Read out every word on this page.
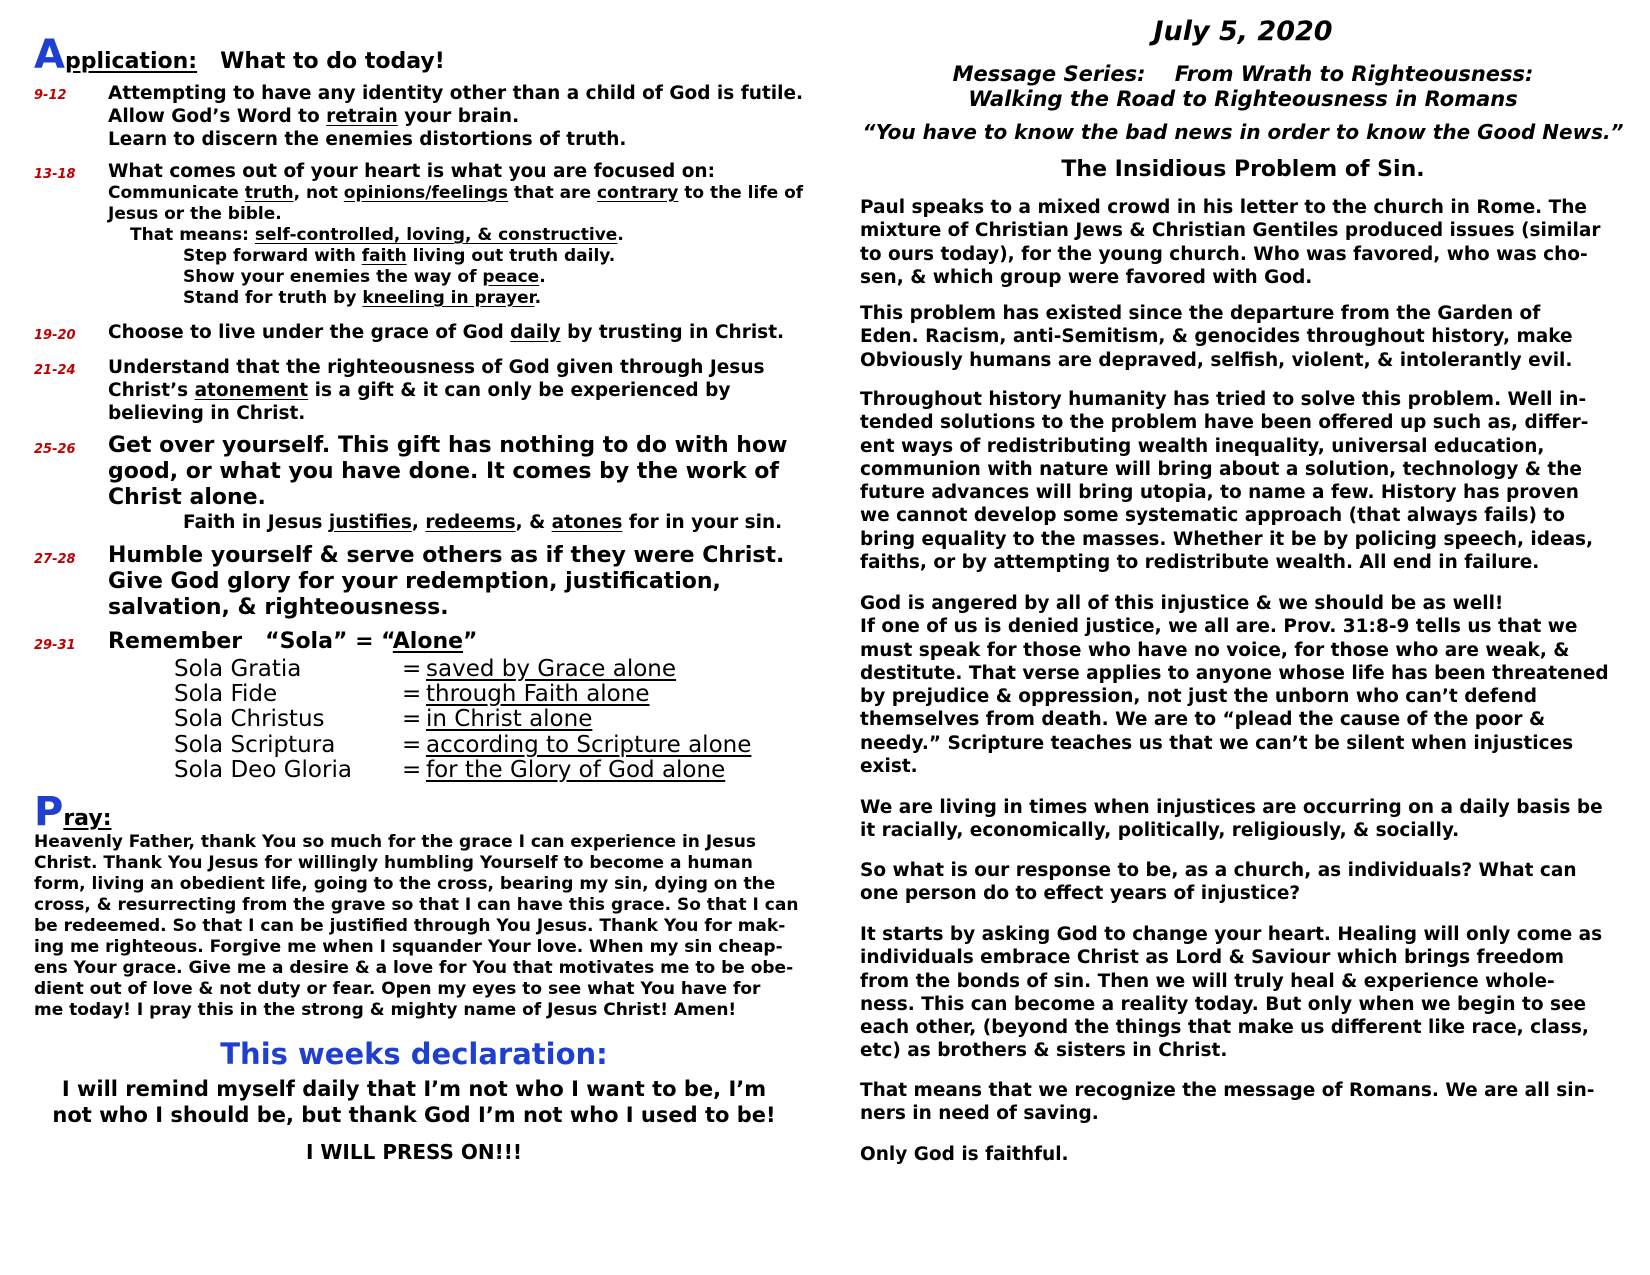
Application: What to do today!
9-12	Attempting to have any identity other than a child of God is futile.
Allow God’s Word to retrain your brain.
Learn to discern the enemies distortions of truth.
13-18	What comes out of your heart is what you are focused on:
Communicate truth, not opinions/feelings that are contrary to the life of
Jesus or the bible.
That means: self-controlled, loving, & constructive.
Step forward with faith living out truth daily.
Show your enemies the way of peace.
Stand for truth by kneeling in prayer.
19-20	Choose to live under the grace of God daily by trusting in Christ.
21-24	Understand that the righteousness of God given through Jesus
Christ’s atonement is a gift & it can only be experienced by
believing in Christ.
25-26	Get over yourself. This gift has nothing to do with how
good, or what you have done. It comes by the work of
Christ alone.
Faith in Jesus justifies, redeems, & atones for in your sin.
27-28	Humble yourself & serve others as if they were Christ.
Give God glory for your redemption, justification,
salvation, & righteousness.
29-31	Remember “Sola” = “Alone”
Sola Gratia	= saved by Grace alone
Sola Fide	= through Faith alone
Sola Christus	= in Christ alone
Sola Scriptura	= according to Scripture alone
Sola Deo Gloria = for the Glory of God alone
Pray:
Heavenly Father, thank You so much for the grace I can experience in Jesus
Christ. Thank You Jesus for willingly humbling Yourself to become a human
form, living an obedient life, going to the cross, bearing my sin, dying on the
cross, & resurrecting from the grave so that I can have this grace. So that I can
be redeemed. So that I can be justified through You Jesus. Thank You for mak-
ing me righteous. Forgive me when I squander Your love. When my sin cheap-
ens Your grace. Give me a desire & a love for You that motivates me to be obe-
dient out of love & not duty or fear. Open my eyes to see what You have for
me today! I pray this in the strong & mighty name of Jesus Christ! Amen!
This weeks declaration:
I will remind myself daily that I’m not who I want to be, I’m
not who I should be, but thank God I’m not who I used to be!
I WILL PRESS ON!!!
July 5, 2020
Message Series:    From Wrath to Righteousness:
Walking the Road to Righteousness in Romans
“You have to know the bad news in order to know the Good News.”
The Insidious Problem of Sin.
Paul speaks to a mixed crowd in his letter to the church in Rome. The
mixture of Christian Jews & Christian Gentiles produced issues (similar
to ours today), for the young church. Who was favored, who was cho-
sen, & which group were favored with God.
This problem has existed since the departure from the Garden of
Eden. Racism, anti-Semitism, & genocides throughout history, make
Obviously humans are depraved, selfish, violent, & intolerantly evil.
Throughout history humanity has tried to solve this problem. Well in-
tended solutions to the problem have been offered up such as, differ-
ent ways of redistributing wealth inequality, universal education,
communion with nature will bring about a solution, technology & the
future advances will bring utopia, to name a few. History has proven
we cannot develop some systematic approach (that always fails) to
bring equality to the masses. Whether it be by policing speech, ideas,
faiths, or by attempting to redistribute wealth. All end in failure.
God is angered by all of this injustice & we should be as well!
If one of us is denied justice, we all are. Prov. 31:8-9 tells us that we
must speak for those who have no voice, for those who are weak, &
destitute. That verse applies to anyone whose life has been threatened
by prejudice & oppression, not just the unborn who can’t defend
themselves from death. We are to “plead the cause of the poor &
needy.” Scripture teaches us that we can’t be silent when injustices
exist.
We are living in times when injustices are occurring on a daily basis be
it racially, economically, politically, religiously, & socially.
So what is our response to be, as a church, as individuals? What can
one person do to effect years of injustice?
It starts by asking God to change your heart. Healing will only come as
individuals embrace Christ as Lord & Saviour which brings freedom
from the bonds of sin. Then we will truly heal & experience whole-
ness. This can become a reality today. But only when we begin to see
each other, (beyond the things that make us different like race, class,
etc) as brothers & sisters in Christ.
That means that we recognize the message of Romans. We are all sin-
ners in need of saving.
Only God is faithful.
